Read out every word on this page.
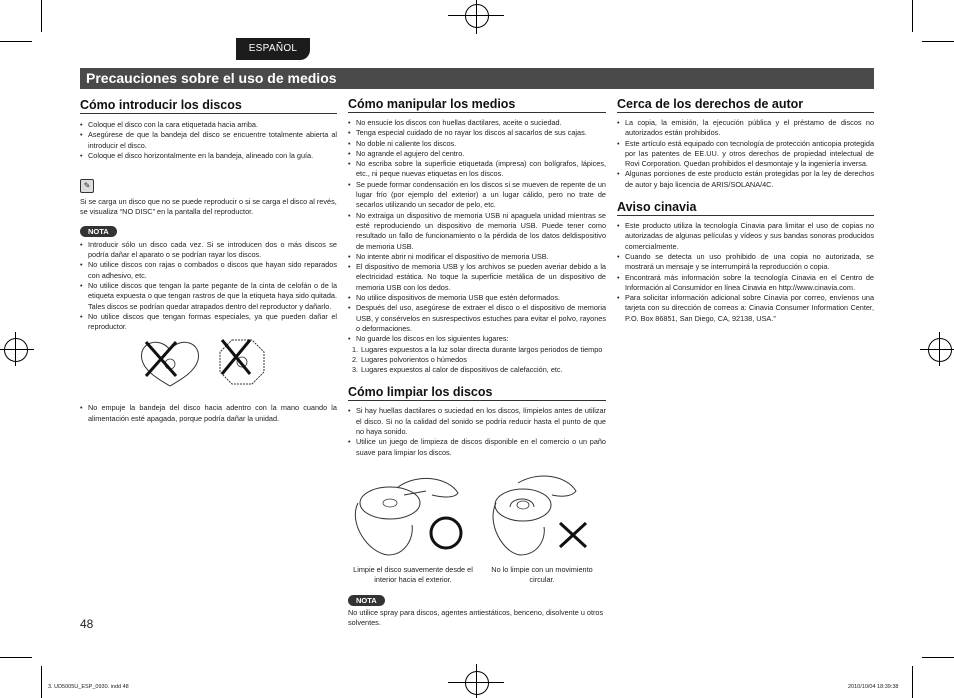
ESPAÑOL
Precauciones sobre el uso de medios
Cómo introducir los discos
• Coloque el disco con la cara etiquetada hacia arriba.
• Asegúrese de que la bandeja del disco se encuentre totalmente abierta al introducir el disco.
• Coloque el disco horizontalmente en la bandeja, alineado con la guía.
✎

Si se carga un disco que no se puede reproducir o si se carga el disco al revés, se visualiza “NO DISC” en la pantalla del reproductor.

NOTA
• Introducir sólo un disco cada vez. Si se introducen dos o más discos se podría dañar el aparato o se podrían rayar los discos.
• No utilice discos con rajas o combados o discos que hayan sido reparados con adhesivo, etc.
• No utilice discos que tengan la parte pegante de la cinta de celofán o de la etiqueta expuesta o que tengan rastros de que la etiqueta haya sido quitada. Tales discos se podrían quedar atrapados dentro del reproductor y dañarlo.
• No utilice discos que tengan formas especiales, ya que pueden dañar el reproductor.
• No empuje la bandeja del disco hacia adentro con la mano cuando la alimentación esté apagada, porque podría dañar la unidad.
Cómo manipular los medios
• No ensucie los discos con huellas dactilares, aceite o suciedad.
• Tenga especial cuidado de no rayar los discos al sacarlos de sus cajas.
• No doble ni caliente los discos.
• No agrande el agujero del centro.
• No escriba sobre la superficie etiquetada (impresa) con bolígrafos, lápices, etc., ni peque nuevas etiquetas en los discos.
• Se puede formar condensación en los discos si se mueven de repente de un lugar frío (por ejemplo del exterior) a un lugar cálido, pero no trate de secarlos utilizando un secador de pelo, etc.
• No extraiga un dispositivo de memoria USB ni apaguela unidad mientras se esté reproduciendo un dispositivo de memoria USB. Puede tener como resultado un fallo de funcionamiento o la pérdida de los datos deldispositivo de memoria USB.
• No intente abrir ni modificar el dispositivo de memoria USB.
• El dispositivo de memoria USB y los archivos se pueden averiar debido a la electricidad estática. No toque la superficie metálica de un dispositivo de memoria USB con los dedos.
• No utilice dispositivos de memoria USB que estén deformados.
• Después del uso, asegúrese de extraer el disco o el dispositivo de memoria USB, y consérvelos en susrespectivos estuches para evitar el polvo, rayones o deformaciones.
• No guarde los discos en los siguientes lugares:
1. Lugares expuestos a la luz solar directa durante largos periodos de tiempo
2. Lugares polvorientos o húmedos
3. Lugares expuestos al calor de dispositivos de calefacción, etc.
Cómo limpiar los discos
• Si hay huellas dactilares o suciedad en los discos, límpielos antes de utilizar el disco. Si no la calidad del sonido se podría reducir hasta el punto de que no haya sonido.
• Utilice un juego de limpieza de discos disponible en el comercio o un paño suave para limpiar los discos.
Limpie el disco suavemente desde el interior hacia el exterior.
No lo limpie con un movimiento circular.
NOTA

No utilice spray para discos, agentes antiestáticos, benceno, disolvente u otros solventes.

Cerca de los derechos de autor
• La copia, la emisión, la ejecución pública y el préstamo de discos no autorizados están prohibidos.
• Este artículo está equipado con tecnología de protección anticopia protegida por las patentes de EE.UU. y otros derechos de propiedad intelectual de Rovi Corporation. Quedan prohibidos el desmontaje y la ingeniería inversa.
• Algunas porciones de este producto están protegidas por la ley de derechos de autor y bajo licencia de ARIS/SOLANA/4C.
Aviso cinavia
• Este producto utiliza la tecnología Cinavia para limitar el uso de copias no autorizadas de algunas películas y vídeos y sus bandas sonoras producidos comercialmente.
• Cuando se detecta un uso prohibido de una copia no autorizada, se mostrará un mensaje y se interrumpirá la reproducción o copia.
• Encontrará más información sobre la tecnología Cinavia en el Centro de Información al Consumidor en línea Cinavia en http://www.cinavia.com.
• Para solicitar información adicional sobre Cinavia por correo, envíenos una tarjeta con su dirección de correos a: Cinavia Consumer Information Center, P.O. Box 86851, San Diego, CA, 92138, USA.”
48
3. UD5005U_ESP_0930. indd 48	2010/10/04 18:39:38
